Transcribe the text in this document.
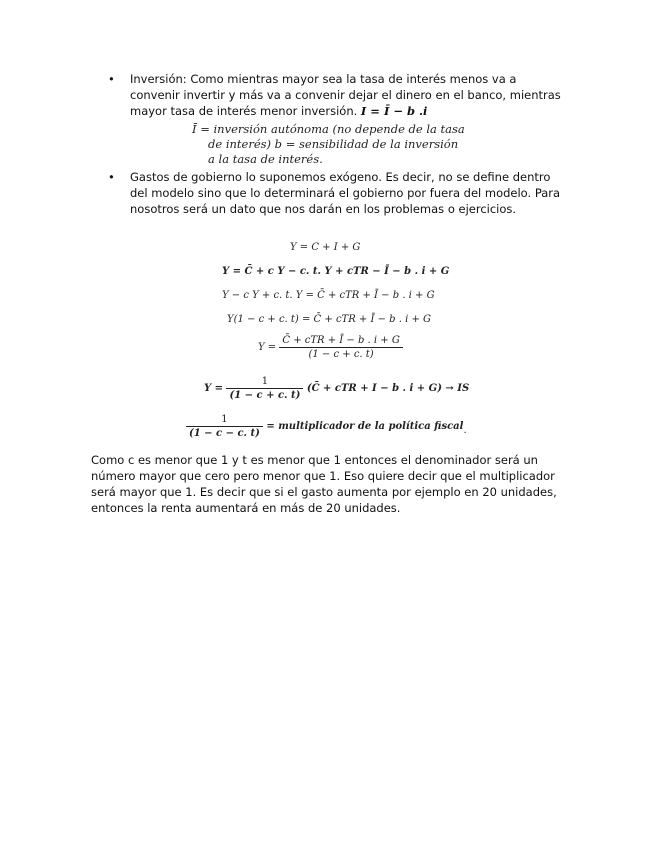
•	Inversión: Como mientras mayor sea la tasa de interés menos va a convenir invertir y más va a convenir dejar el dinero en el banco, mientras mayor tasa de interés menor inversión. I = Ī − b .i
Ī = inversión autónoma (no depende de la tasa
de interés) b = sensibilidad de la inversión
a la tasa de interés.
•	Gastos de gobierno lo suponemos exógeno. Es decir, no se define dentro del modelo sino que lo determinará el gobierno por fuera del modelo. Para nosotros será un dato que nos darán en los problemas o ejercicios.
Y = C + I + G
Y = C̄ + c Y − c. t. Y + cTR − Ī − b . i + G
Y − c Y + c. t. Y = C̄ + cTR + Ī − b . i + G
Y(1 − c + c. t) = C̄ + cTR + Ī − b . i + G
$Y = \frac{\text{C̄ + cTR + Ī − b . i + G}}{(1 - c + c. t)}$
$Y = \frac{1}{(1 - c + c. t)}$ (C̄ + cTR + I − b . i + G) → IS
$\frac{1}{(1 - c - c. t)}$ = multiplicador de la política fiscal.
Como c es menor que 1 y t es menor que 1 entonces el denominador será un número mayor que cero pero menor que 1. Eso quiere decir que el multiplicador será mayor que 1. Es decir que si el gasto aumenta por ejemplo en 20 unidades, entonces la renta aumentará en más de 20 unidades.
